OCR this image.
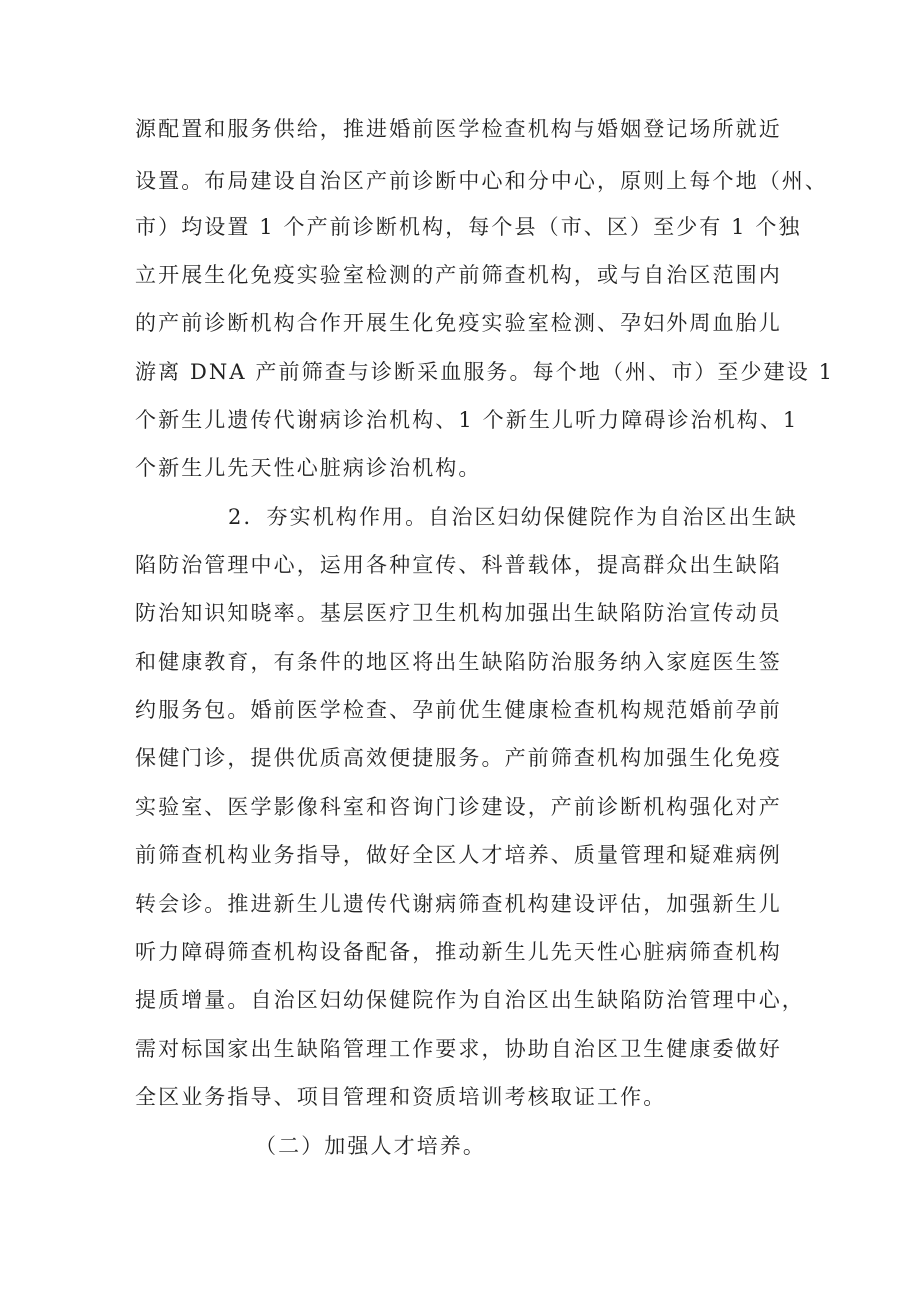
源配置和服务供给，推进婚前医学检查机构与婚姻登记场所就近
设置。布局建设自治区产前诊断中心和分中心，原则上每个地（州、
市）均设置 1 个产前诊断机构，每个县（市、区）至少有 1 个独
立开展生化免疫实验室检测的产前筛查机构，或与自治区范围内
的产前诊断机构合作开展生化免疫实验室检测、孕妇外周血胎儿
游离 DNA 产前筛查与诊断采血服务。每个地（州、市）至少建设 1
个新生儿遗传代谢病诊治机构、1 个新生儿听力障碍诊治机构、1
个新生儿先天性心脏病诊治机构。
2．夯实机构作用。自治区妇幼保健院作为自治区出生缺
陷防治管理中心，运用各种宣传、科普载体，提高群众出生缺陷
防治知识知晓率。基层医疗卫生机构加强出生缺陷防治宣传动员
和健康教育，有条件的地区将出生缺陷防治服务纳入家庭医生签
约服务包。婚前医学检查、孕前优生健康检查机构规范婚前孕前
保健门诊，提供优质高效便捷服务。产前筛查机构加强生化免疫
实验室、医学影像科室和咨询门诊建设，产前诊断机构强化对产
前筛查机构业务指导，做好全区人才培养、质量管理和疑难病例
转会诊。推进新生儿遗传代谢病筛查机构建设评估，加强新生儿
听力障碍筛查机构设备配备，推动新生儿先天性心脏病筛查机构
提质增量。自治区妇幼保健院作为自治区出生缺陷防治管理中心，
需对标国家出生缺陷管理工作要求，协助自治区卫生健康委做好
全区业务指导、项目管理和资质培训考核取证工作。
（二）加强人才培养。
